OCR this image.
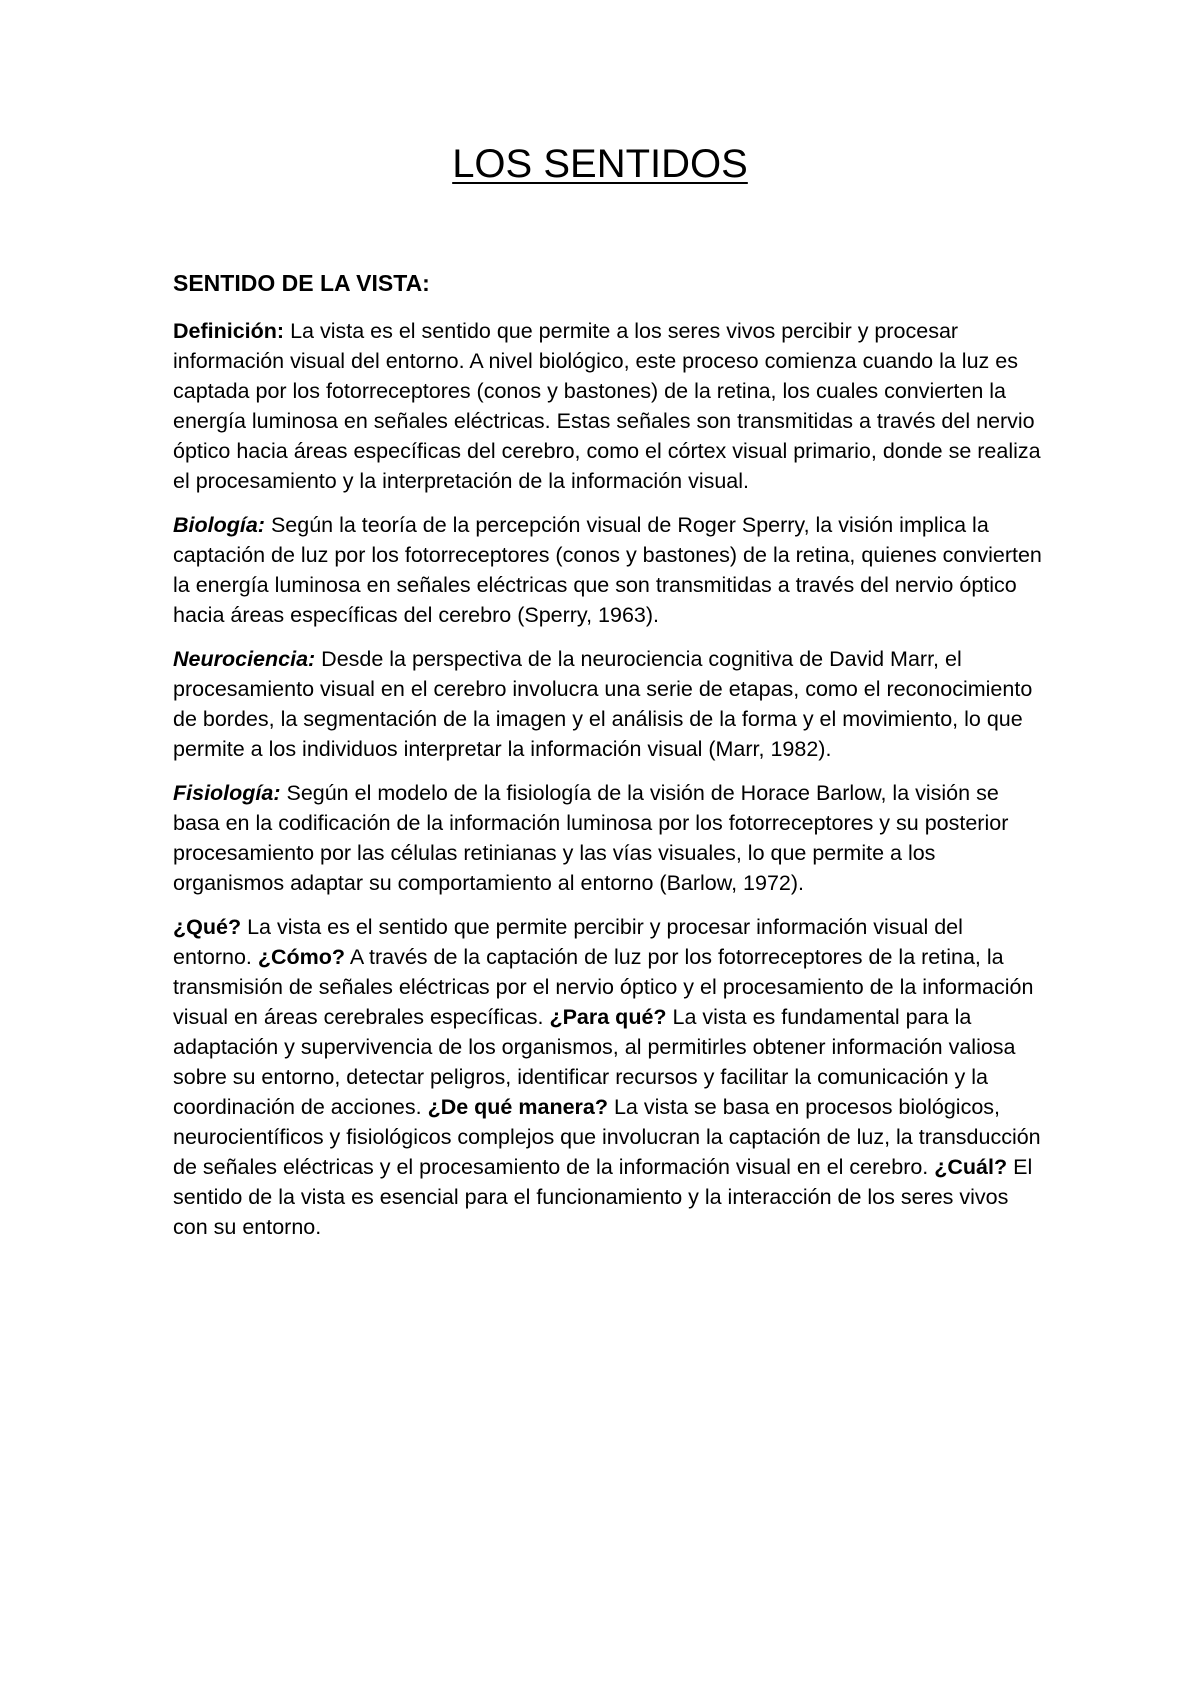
LOS SENTIDOS
SENTIDO DE LA VISTA:

Definición: La vista es el sentido que permite a los seres vivos percibir y procesar información visual del entorno. A nivel biológico, este proceso comienza cuando la luz es captada por los fotorreceptores (conos y bastones) de la retina, los cuales convierten la energía luminosa en señales eléctricas. Estas señales son transmitidas a través del nervio óptico hacia áreas específicas del cerebro, como el córtex visual primario, donde se realiza el procesamiento y la interpretación de la información visual.

Biología: Según la teoría de la percepción visual de Roger Sperry, la visión implica la captación de luz por los fotorreceptores (conos y bastones) de la retina, quienes convierten la energía luminosa en señales eléctricas que son transmitidas a través del nervio óptico hacia áreas específicas del cerebro (Sperry, 1963).

Neurociencia: Desde la perspectiva de la neurociencia cognitiva de David Marr, el procesamiento visual en el cerebro involucra una serie de etapas, como el reconocimiento de bordes, la segmentación de la imagen y el análisis de la forma y el movimiento, lo que permite a los individuos interpretar la información visual (Marr, 1982).

Fisiología: Según el modelo de la fisiología de la visión de Horace Barlow, la visión se basa en la codificación de la información luminosa por los fotorreceptores y su posterior procesamiento por las células retinianas y las vías visuales, lo que permite a los organismos adaptar su comportamiento al entorno (Barlow, 1972).

¿Qué? La vista es el sentido que permite percibir y procesar información visual del entorno. ¿Cómo? A través de la captación de luz por los fotorreceptores de la retina, la transmisión de señales eléctricas por el nervio óptico y el procesamiento de la información visual en áreas cerebrales específicas. ¿Para qué? La vista es fundamental para la adaptación y supervivencia de los organismos, al permitirles obtener información valiosa sobre su entorno, detectar peligros, identificar recursos y facilitar la comunicación y la coordinación de acciones. ¿De qué manera? La vista se basa en procesos biológicos, neurocientíficos y fisiológicos complejos que involucran la captación de luz, la transducción de señales eléctricas y el procesamiento de la información visual en el cerebro. ¿Cuál? El sentido de la vista es esencial para el funcionamiento y la interacción de los seres vivos con su entorno.
